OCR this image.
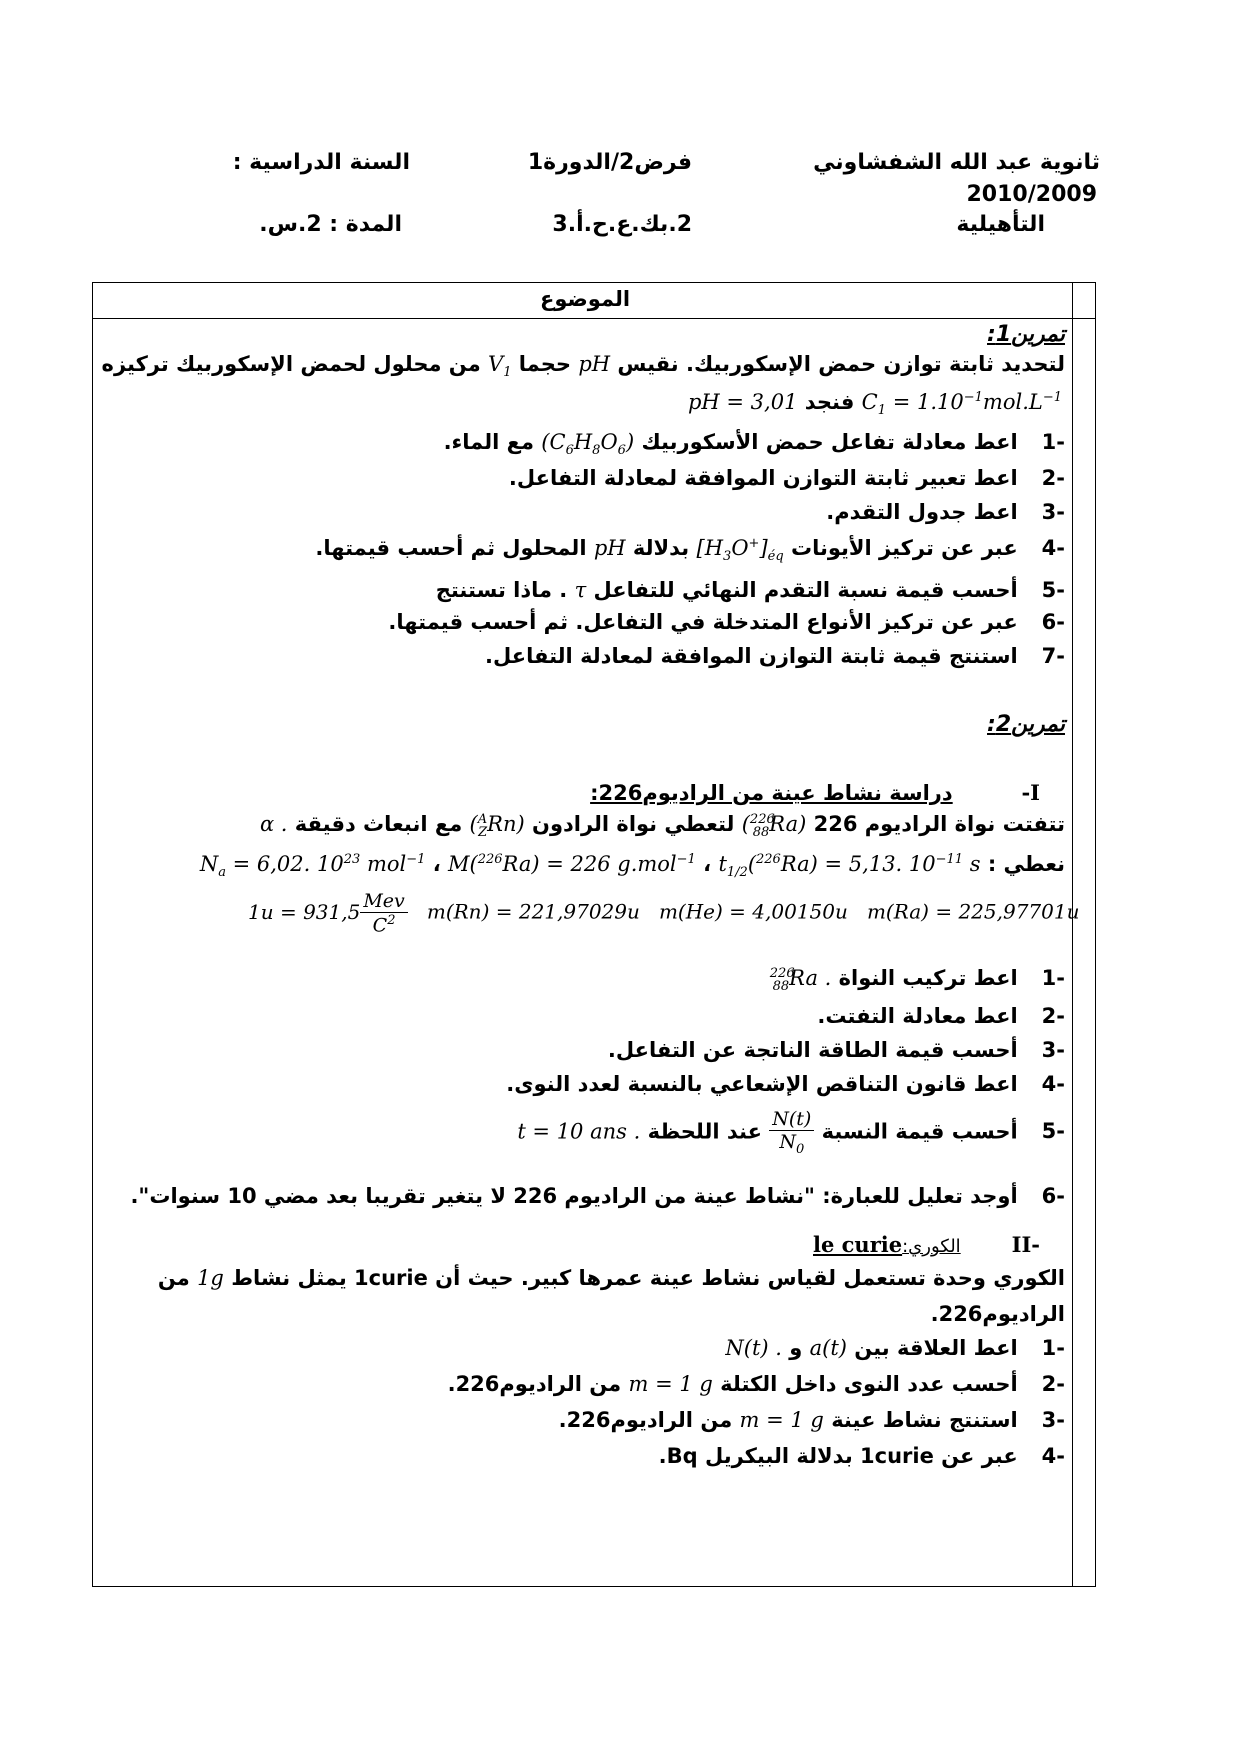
ثانوية عبد الله الشفشاوني
2010/2009
التأهيلية
فرض2/الدورة1
2.بك.ع.ح.أ.3
السنة الدراسية :
المدة : 2.س.
الموضوع
تمرين1:
لتحديد ثابتة توازن حمض الإسكوربيك. نقيس pH حجما $V_1$ من محلول لحمض الإسكوربيك تركيزه
$C_1 = 1.10^{-1}mol.L^{-1}$ فنجد pH = 3,01
-1 اعط معادلة تفاعل حمض الأسكوربيك $(C_6H_8O_6)$ مع الماء.
-2 اعط تعبير ثابتة التوازن الموافقة لمعادلة التفاعل.
-3 اعط جدول التقدم.
-4 عبر عن تركيز الأيونات $[H_3O^+]_{éq}$ بدلالة pH المحلول ثم أحسب قيمتها.
-5 أحسب قيمة نسبة التقدم النهائي للتفاعل τ . ماذا تستنتج
-6 عبر عن تركيز الأنواع المتدخلة في التفاعل. ثم أحسب قيمتها.
-7 استنتج قيمة ثابتة التوازن الموافقة لمعادلة التفاعل.
تمرين2:
I- دراسة نشاط عينة من الراديوم226:
تتفتت نواة الراديوم 226 ($^{226}_{88}$Ra) لتعطي نواة الرادون ($^A_Z$Rn) مع انبعاث دقيقة α .
نعطي : $t_{1/2}(^{226}Ra) = 5,13$. $10^{-11}$ s ، M($^{226}$Ra) = 226 g.mol$^{-1}$ ، $N_a = 6,02$. $10^{23}$ mol$^{-1}$
$1u = 931,5 \frac{\text{Mev}}{C^2} m(Rn) = 221,97029u$ m(He) = 4,00150u m(Ra) = 225,97701u
-1 اعط تركيب النواة $^{226}_{88}$Ra .
-2 اعط معادلة التفتت.
-3 أحسب قيمة الطاقة الناتجة عن التفاعل.
-4 اعط قانون التناقص الإشعاعي بالنسبة لعدد النوى.
-5 أحسب قيمة النسبة
$\frac{N(t)}{N_0}$
عند اللحظة t = 10 ans .
-6 أوجد تعليل للعبارة: "نشاط عينة من الراديوم 226 لا يتغير تقريبا بعد مضي 10 سنوات".
-II الكوري:le curie
الكوري وحدة تستعمل لقياس نشاط عينة عمرها كبير. حيث أن 1curie يمثل نشاط 1g من
الراديوم226.
-1 اعط العلاقة بين a(t) و N(t) .
-2 أحسب عدد النوى داخل الكتلة m = 1 g من الراديوم226.
-3 استنتج نشاط عينة m = 1 g من الراديوم226.
-4 عبر عن 1curie بدلالة البيكريل Bq.
